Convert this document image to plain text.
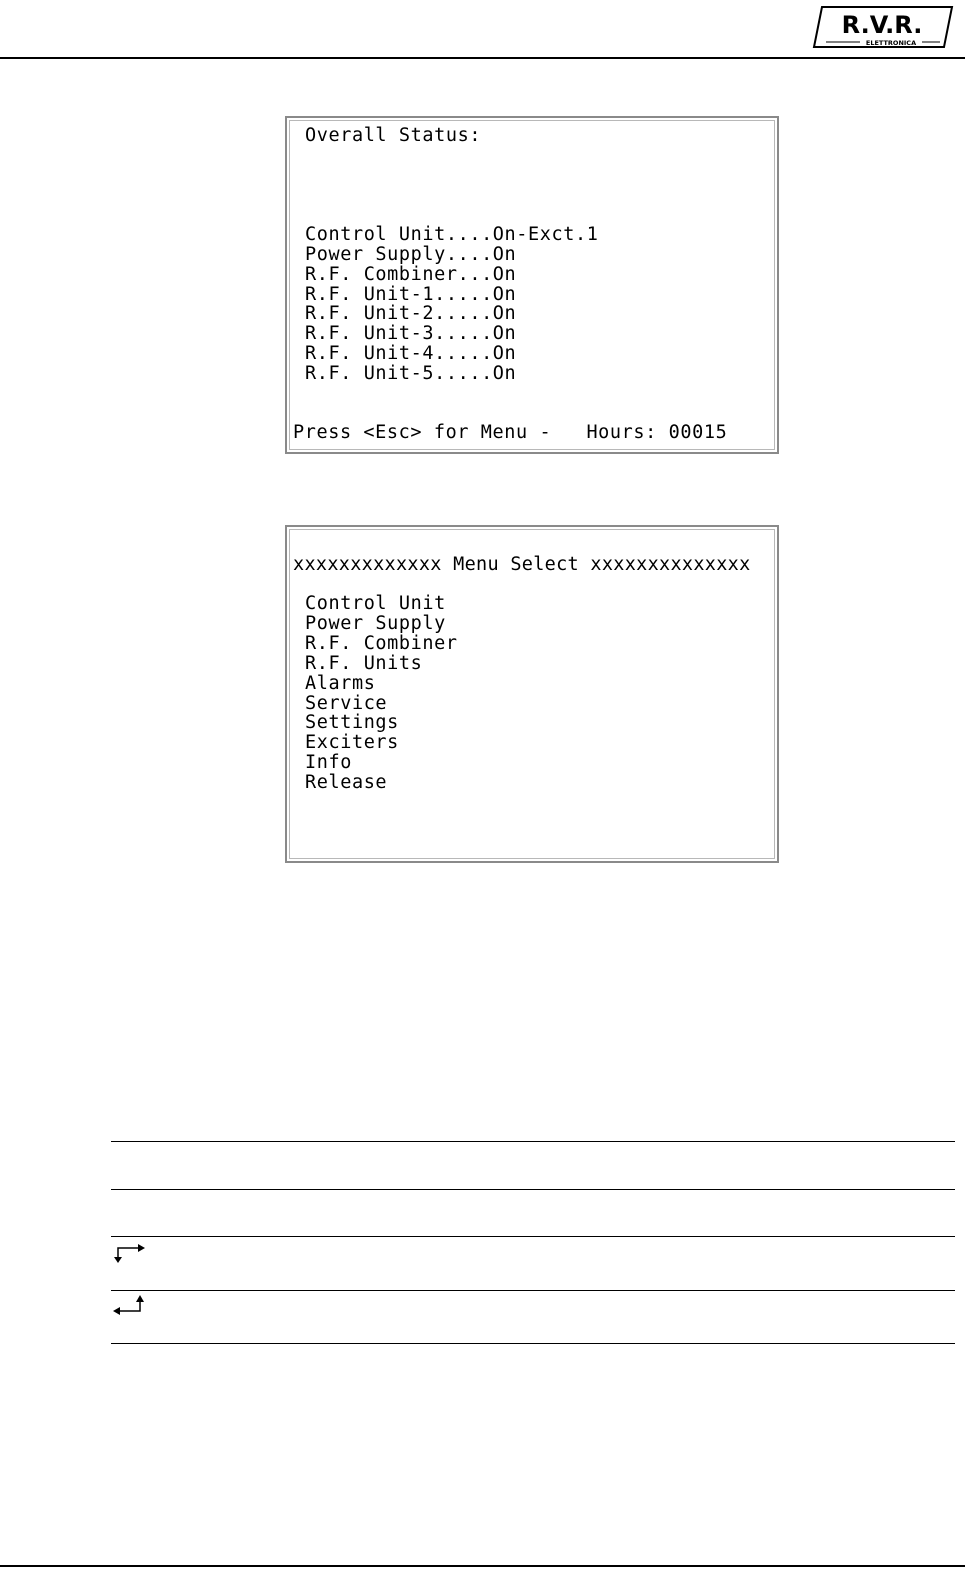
R.V.R.
ELETTRONICA
Overall Status:
Control Unit....On-Exct.1
Power Supply....On
R.F. Combiner...On
R.F. Unit-1.....On
R.F. Unit-2.....On
R.F. Unit-3.....On
R.F. Unit-4.....On
R.F. Unit-5.....On
Press <Esc> for Menu -   Hours: 00015
xxxxxxxxxxxxx Menu Select xxxxxxxxxxxxxx
Control Unit
Power Supply
R.F. Combiner
R.F. Units
Alarms
Service
Settings
Exciters
Info
Release
